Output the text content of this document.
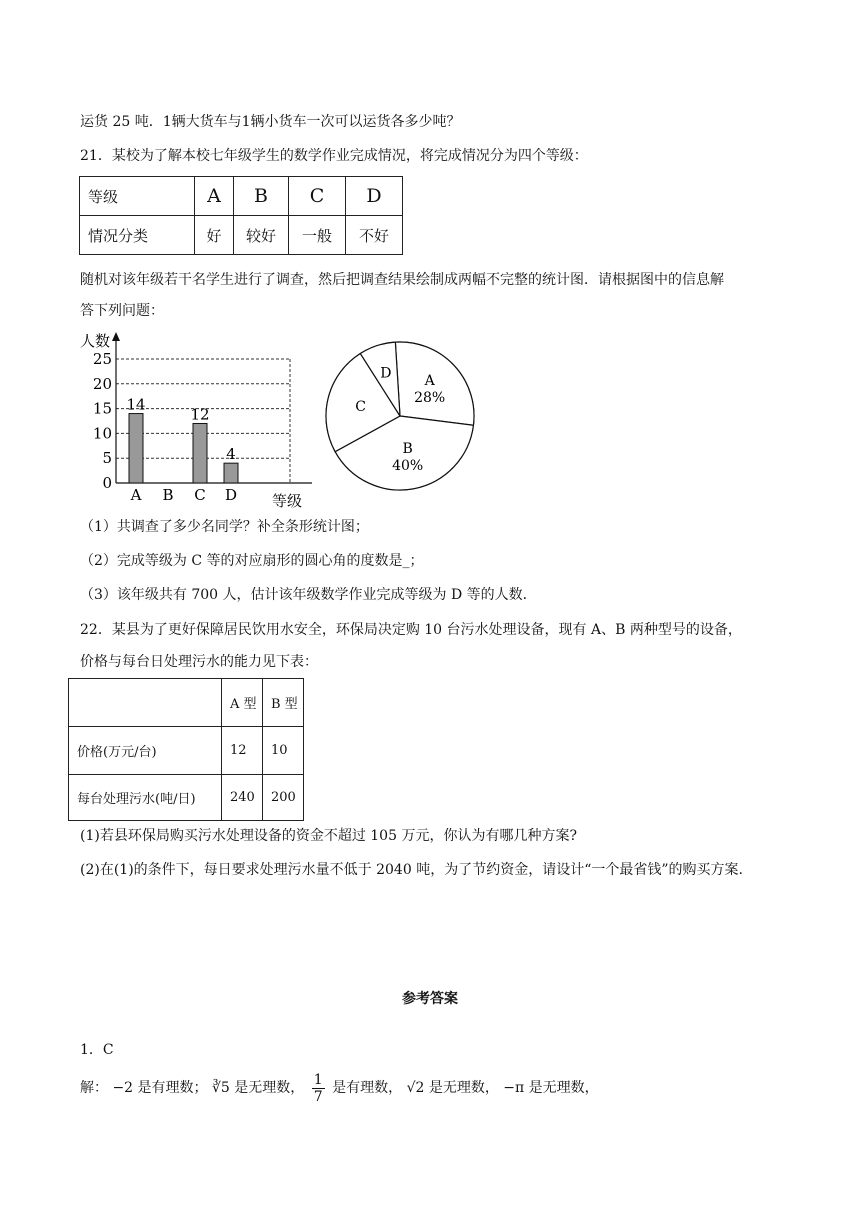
运货 25 吨．1辆大货车与1辆小货车一次可以运货各多少吨？
21．某校为了解本校七年级学生的数学作业完成情况，将完成情况分为四个等级：
等级	A	B	C	D
情况分类	好	较好	一般	不好
随机对该年级若干名学生进行了调查，然后把调查结果绘制成两幅不完整的统计图．请根据图中的信息解
答下列问题：
0
5
10
15
20
25
人数
等级
14
A B
12
C
4
D
A
28%
B
40%
C
D
（1）共调查了多少名同学？补全条形统计图；
（2）完成等级为 C 等的对应扇形的圆心角的度数是_；
（3）该年级共有 700 人，估计该年级数学作业完成等级为 D 等的人数．
22．某县为了更好保障居民饮用水安全，环保局决定购 10 台污水处理设备，现有 A、B 两种型号的设备，
价格与每台日处理污水的能力见下表：
	A 型	B 型
价格(万元/台)	12	10
每台处理污水(吨/日)	240	200
(1)若县环保局购买污水处理设备的资金不超过 105 万元，你认为有哪几种方案?
(2)在(1)的条件下，每日要求处理污水量不低于 2040 吨，为了节约资金，请设计“一个最省钱”的购买方案.
参考答案
1．C
解： −2 是有理数； ∛5 是无理数， $\frac{1}{7}$ 是有理数， √2 是无理数， −π 是无理数，
